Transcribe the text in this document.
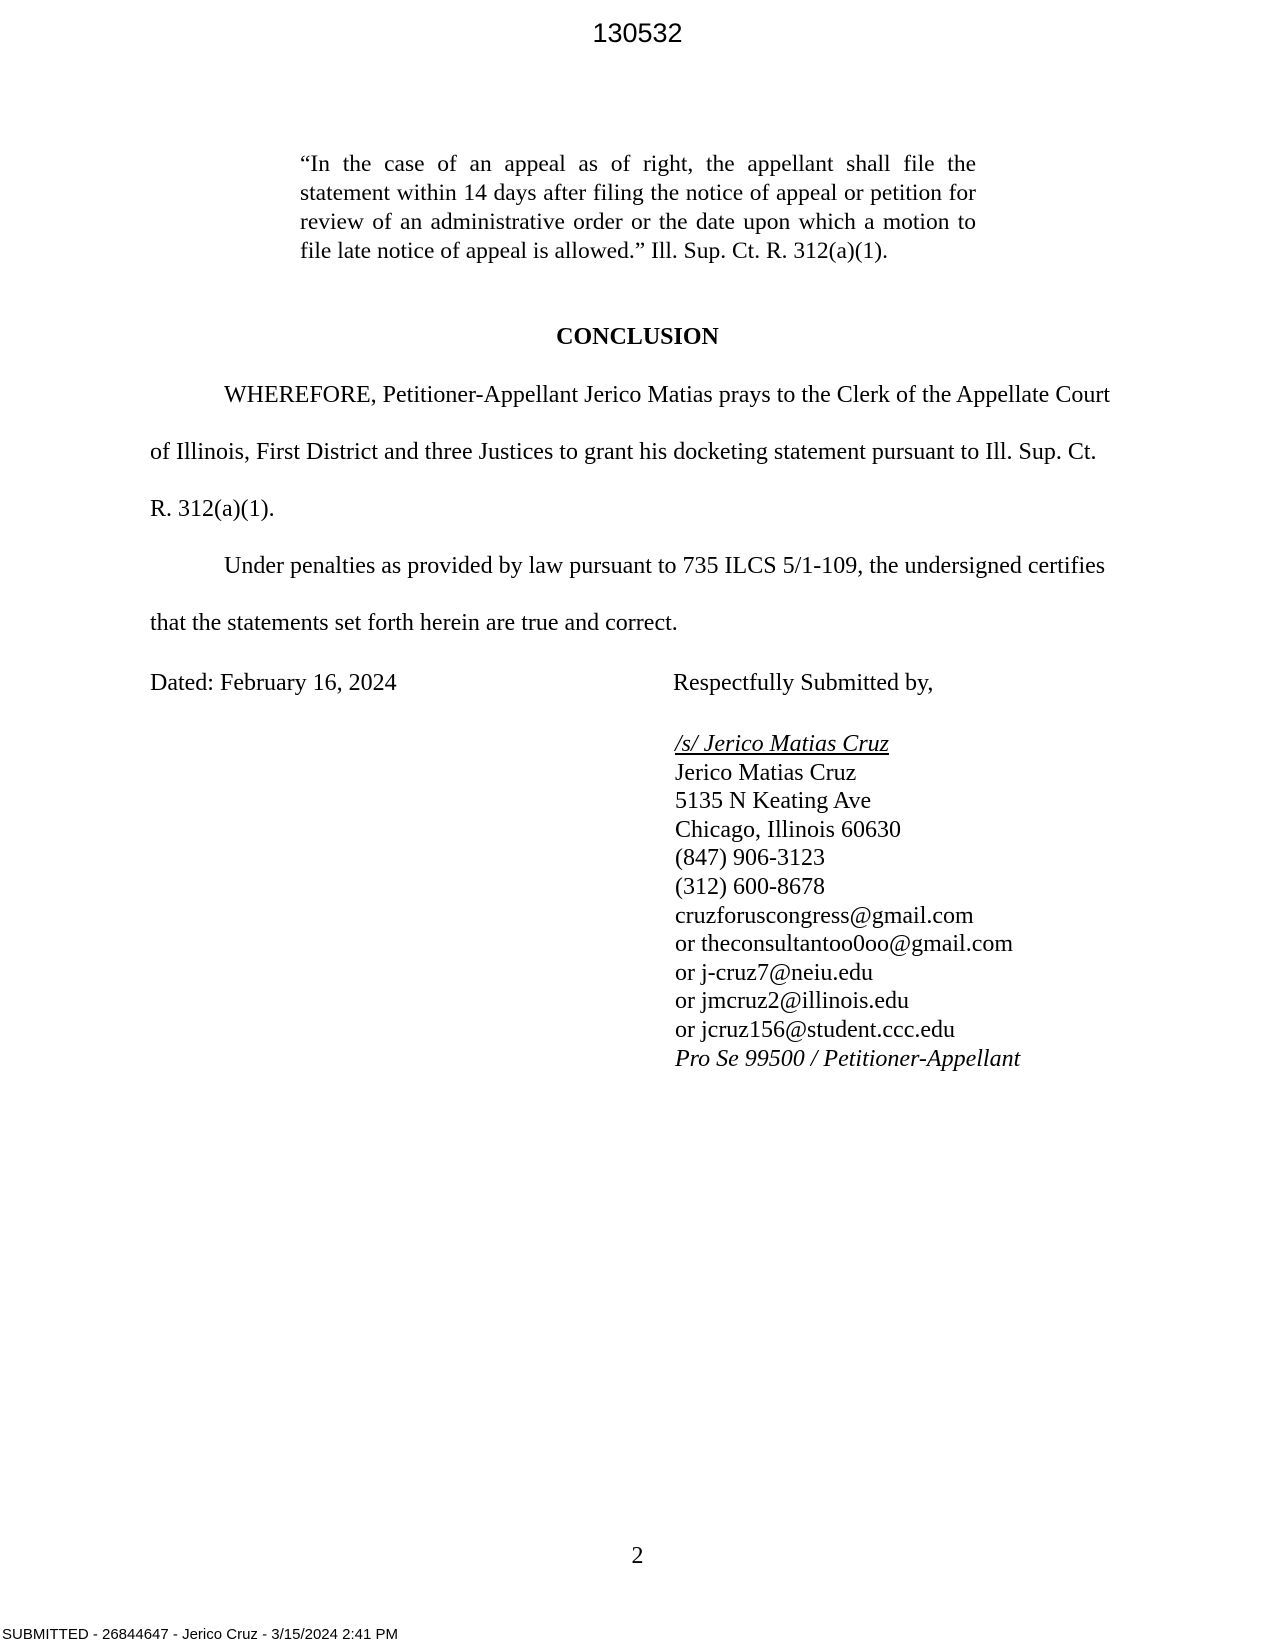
130532
“In the case of an appeal as of right, the appellant shall file the statement within 14 days after filing the notice of appeal or petition for review of an administrative order or the date upon which a motion to file late notice of appeal is allowed.” Ill. Sup. Ct. R. 312(a)(1).
CONCLUSION
WHEREFORE, Petitioner-Appellant Jerico Matias prays to the Clerk of the Appellate Court of Illinois, First District and three Justices to grant his docketing statement pursuant to Ill. Sup. Ct. R. 312(a)(1).
Under penalties as provided by law pursuant to 735 ILCS 5/1-109, the undersigned certifies that the statements set forth herein are true and correct.
Dated: February 16, 2024	Respectfully Submitted by,
/s/ Jerico Matias Cruz
Jerico Matias Cruz
5135 N Keating Ave
Chicago, Illinois 60630
(847) 906-3123
(312) 600-8678
cruzforuscongress@gmail.com
or theconsultantoo0oo@gmail.com
or j-cruz7@neiu.edu
or jmcruz2@illinois.edu
or jcruz156@student.ccc.edu
Pro Se 99500 / Petitioner-Appellant
2
SUBMITTED - 26844647 - Jerico Cruz - 3/15/2024 2:41 PM
